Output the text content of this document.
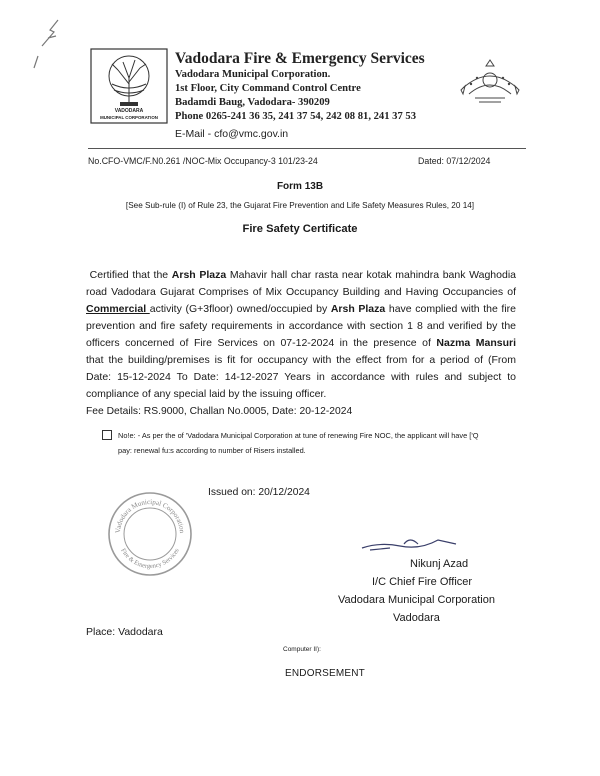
VADODARA
MUNICIPAL CORPORATION
Vadodara Fire & Emergency Services
Vadodara Municipal Corporation.
1st Floor, City Command Control Centre
Badamdi Baug, Vadodara- 390209
Phone 0265-241 36 35, 241 37 54, 242 08 81, 241 37 53
E-Mail - cfo@vmc.gov.in
No.CFO-VMC/F.N0.261 /NOC-Mix Occupancy-3 101/23-24	Dated: 07/12/2024
Form 13B
[See Sub-rule (I) of Rule 23, the Gujarat Fire Prevention and Life Safety Measures Rules, 20 14]
Fire Safety Certificate
Certified that the Arsh Plaza Mahavir hall char rasta near kotak mahindra bank Waghodia
road Vadodara Gujarat Comprises of Mix Occupancy Building and Having Occupancies of
Commercial activity (G+3floor) owned/occupied by Arsh Plaza have complied with the fire
prevention and fire safety requirements in accordance with section 1 8 and verified by the
officers concerned of Fire Services on 07-12-2024 in the presence of Nazma Mansuri
that the building/premises is fit for occupancy with the effect from for a period of (From
Date: 15-12-2024 To Date: 14-12-2027 Years in accordance with rules and subject to
compliance of any special laid by the issuing officer.
Fee Details: RS.9000, Challan No.0005, Date: 20-12-2024
No!e: - As per the of 'Vadodara Municipal Corporation at tune of renewing Fire NOC, the applicant will have ['Q
pay: renewal fu:s according to number of Risers installed.
Vadodara Municipal Corporation
Fire & Emergency Services
Issued on: 20/12/2024
Nikunj Azad
I/C Chief Fire Officer
Vadodara Municipal Corporation
Vadodara
Place: Vadodara
Computer II):
ENDORSEMENT
